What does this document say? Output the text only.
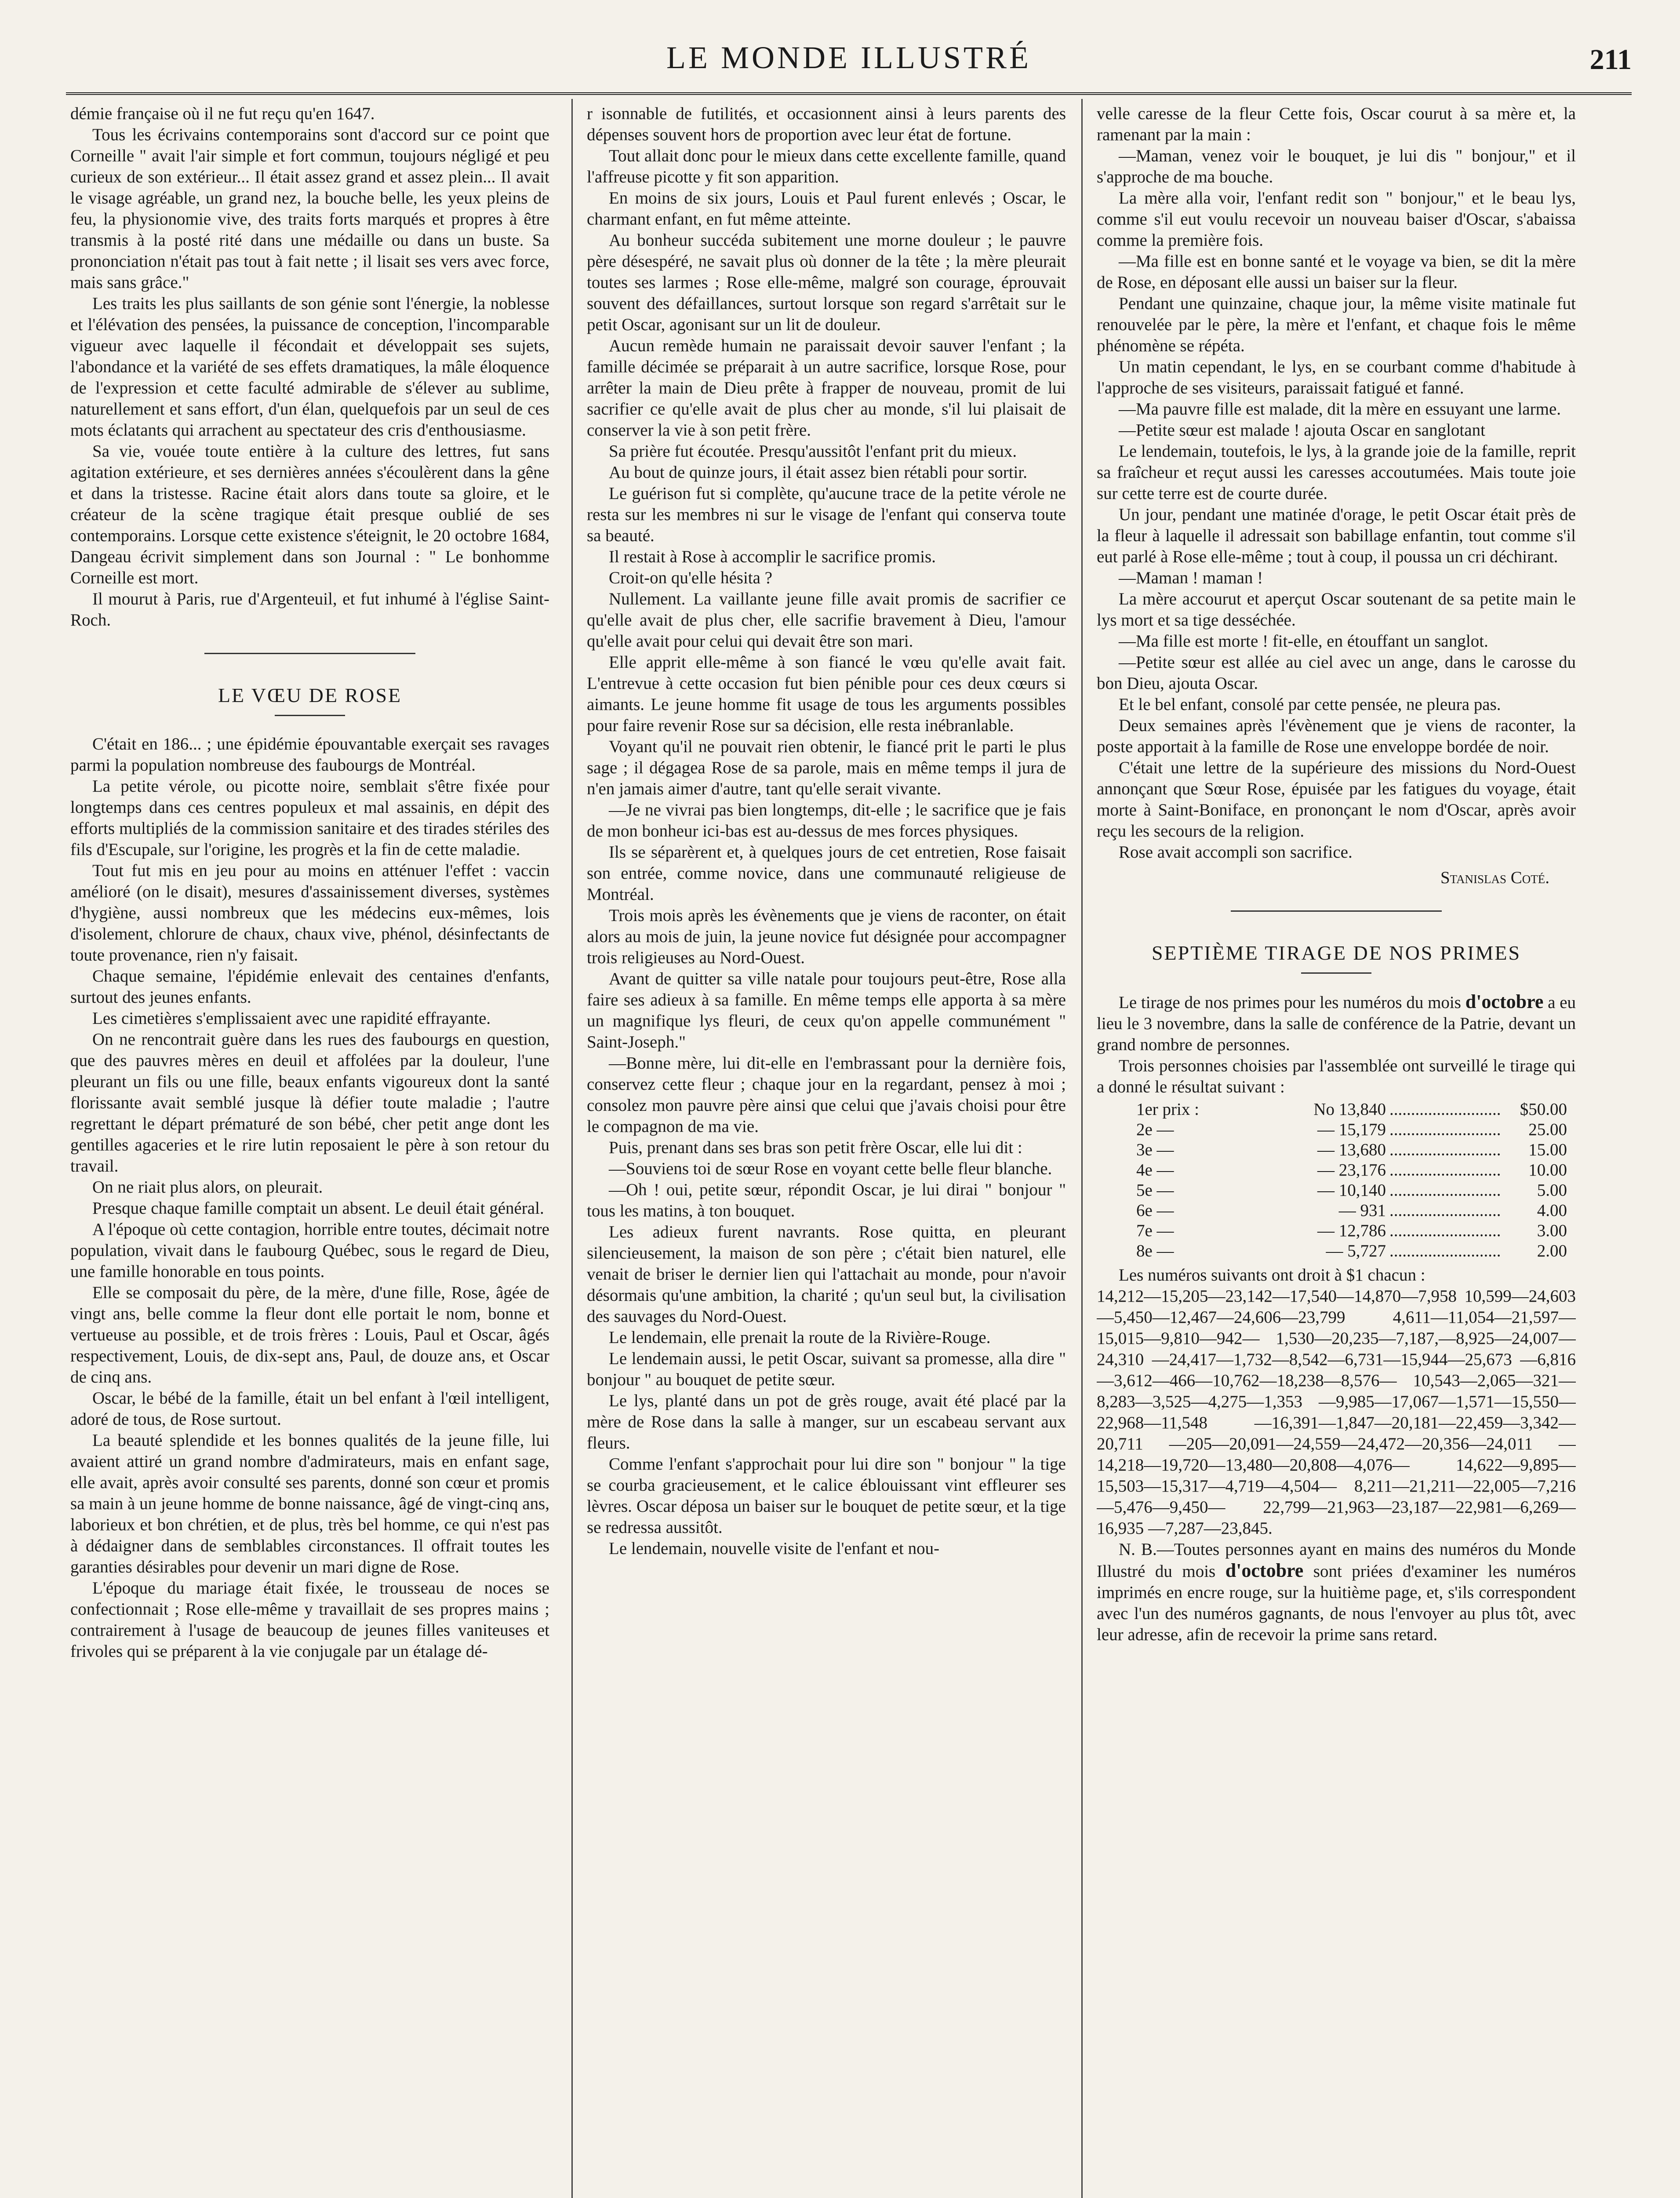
LE MONDE ILLUSTRÉ	211

démie française où il ne fut reçu qu'en 1647.

Tous les écrivains contemporains sont d'accord sur ce point que Corneille " avait l'air simple et fort commun, toujours négligé et peu curieux de son extérieur... Il était assez grand et assez plein... Il avait le visage agréable, un grand nez, la bouche belle, les yeux pleins de feu, la physionomie vive, des traits forts marqués et propres à être transmis à la posté rité dans une médaille ou dans un buste. Sa prononciation n'était pas tout à fait nette ; il lisait ses vers avec force, mais sans grâce."

Les traits les plus saillants de son génie sont l'énergie, la noblesse et l'élévation des pensées, la puissance de conception, l'incomparable vigueur avec laquelle il fécondait et développait ses sujets, l'abondance et la variété de ses effets dramatiques, la mâle éloquence de l'expression et cette faculté admirable de s'élever au sublime, naturellement et sans effort, d'un élan, quelquefois par un seul de ces mots éclatants qui arrachent au spectateur des cris d'enthousiasme.

Sa vie, vouée toute entière à la culture des lettres, fut sans agitation extérieure, et ses dernières années s'écoulèrent dans la gêne et dans la tristesse. Racine était alors dans toute sa gloire, et le créateur de la scène tragique était presque oublié de ses contemporains. Lorsque cette existence s'éteignit, le 20 octobre 1684, Dangeau écrivit simplement dans son Journal : " Le bonhomme Corneille est mort.

Il mourut à Paris, rue d'Argenteuil, et fut inhumé à l'église Saint-Roch.

LE VŒU DE ROSE

C'était en 186... ; une épidémie épouvantable exerçait ses ravages parmi la population nombreuse des faubourgs de Montréal.

La petite vérole, ou picotte noire, semblait s'être fixée pour longtemps dans ces centres populeux et mal assainis, en dépit des efforts multipliés de la commission sanitaire et des tirades stériles des fils d'Escupale, sur l'origine, les progrès et la fin de cette maladie.

Tout fut mis en jeu pour au moins en atténuer l'effet : vaccin amélioré (on le disait), mesures d'assainissement diverses, systèmes d'hygiène, aussi nombreux que les médecins eux-mêmes, lois d'isolement, chlorure de chaux, chaux vive, phénol, désinfectants de toute provenance, rien n'y faisait.

Chaque semaine, l'épidémie enlevait des centaines d'enfants, surtout des jeunes enfants.

Les cimetières s'emplissaient avec une rapidité effrayante.

On ne rencontrait guère dans les rues des faubourgs en question, que des pauvres mères en deuil et affolées par la douleur, l'une pleurant un fils ou une fille, beaux enfants vigoureux dont la santé florissante avait semblé jusque là défier toute maladie ; l'autre regrettant le départ prématuré de son bébé, cher petit ange dont les gentilles agaceries et le rire lutin reposaient le père à son retour du travail.

On ne riait plus alors, on pleurait.

Presque chaque famille comptait un absent. Le deuil était général.

A l'époque où cette contagion, horrible entre toutes, décimait notre population, vivait dans le faubourg Québec, sous le regard de Dieu, une famille honorable en tous points.

Elle se composait du père, de la mère, d'une fille, Rose, âgée de vingt ans, belle comme la fleur dont elle portait le nom, bonne et vertueuse au possible, et de trois frères : Louis, Paul et Oscar, âgés respectivement, Louis, de dix-sept ans, Paul, de douze ans, et Oscar de cinq ans.

Oscar, le bébé de la famille, était un bel enfant à l'œil intelligent, adoré de tous, de Rose surtout.

La beauté splendide et les bonnes qualités de la jeune fille, lui avaient attiré un grand nombre d'admirateurs, mais en enfant sage, elle avait, après avoir consulté ses parents, donné son cœur et promis sa main à un jeune homme de bonne naissance, âgé de vingt-cinq ans, laborieux et bon chrétien, et de plus, très bel homme, ce qui n'est pas à dédaigner dans de semblables circonstances. Il offrait toutes les garanties désirables pour devenir un mari digne de Rose.

L'époque du mariage était fixée, le trousseau de noces se confectionnait ; Rose elle-même y travaillait de ses propres mains ; contrairement à l'usage de beaucoup de jeunes filles vaniteuses et frivoles qui se préparent à la vie conjugale par un étalage dé-

r isonnable de futilités, et occasionnent ainsi à leurs parents des dépenses souvent hors de proportion avec leur état de fortune.

Tout allait donc pour le mieux dans cette excellente famille, quand l'affreuse picotte y fit son apparition.

En moins de six jours, Louis et Paul furent enlevés ; Oscar, le charmant enfant, en fut même atteinte.

Au bonheur succéda subitement une morne douleur ; le pauvre père désespéré, ne savait plus où donner de la tête ; la mère pleurait toutes ses larmes ; Rose elle-même, malgré son courage, éprouvait souvent des défaillances, surtout lorsque son regard s'arrêtait sur le petit Oscar, agonisant sur un lit de douleur.

Aucun remède humain ne paraissait devoir sauver l'enfant ; la famille décimée se préparait à un autre sacrifice, lorsque Rose, pour arrêter la main de Dieu prête à frapper de nouveau, promit de lui sacrifier ce qu'elle avait de plus cher au monde, s'il lui plaisait de conserver la vie à son petit frère.

Sa prière fut écoutée. Presqu'aussitôt l'enfant prit du mieux.

Au bout de quinze jours, il était assez bien rétabli pour sortir.

Le guérison fut si complète, qu'aucune trace de la petite vérole ne resta sur les membres ni sur le visage de l'enfant qui conserva toute sa beauté.

Il restait à Rose à accomplir le sacrifice promis.

Croit-on qu'elle hésita ?

Nullement. La vaillante jeune fille avait promis de sacrifier ce qu'elle avait de plus cher, elle sacrifie bravement à Dieu, l'amour qu'elle avait pour celui qui devait être son mari.

Elle apprit elle-même à son fiancé le vœu qu'elle avait fait. L'entrevue à cette occasion fut bien pénible pour ces deux cœurs si aimants. Le jeune homme fit usage de tous les arguments possibles pour faire revenir Rose sur sa décision, elle resta inébranlable.

Voyant qu'il ne pouvait rien obtenir, le fiancé prit le parti le plus sage ; il dégagea Rose de sa parole, mais en même temps il jura de n'en jamais aimer d'autre, tant qu'elle serait vivante.

—Je ne vivrai pas bien longtemps, dit-elle ; le sacrifice que je fais de mon bonheur ici-bas est au-dessus de mes forces physiques.

Ils se séparèrent et, à quelques jours de cet entretien, Rose faisait son entrée, comme novice, dans une communauté religieuse de Montréal.

Trois mois après les évènements que je viens de raconter, on était alors au mois de juin, la jeune novice fut désignée pour accompagner trois religieuses au Nord-Ouest.

Avant de quitter sa ville natale pour toujours peut-être, Rose alla faire ses adieux à sa famille. En même temps elle apporta à sa mère un magnifique lys fleuri, de ceux qu'on appelle communément " Saint-Joseph."

—Bonne mère, lui dit-elle en l'embrassant pour la dernière fois, conservez cette fleur ; chaque jour en la regardant, pensez à moi ; consolez mon pauvre père ainsi que celui que j'avais choisi pour être le compagnon de ma vie.

Puis, prenant dans ses bras son petit frère Oscar, elle lui dit :

—Souviens toi de sœur Rose en voyant cette belle fleur blanche.

—Oh ! oui, petite sœur, répondit Oscar, je lui dirai " bonjour " tous les matins, à ton bouquet.

Les adieux furent navrants. Rose quitta, en pleurant silencieusement, la maison de son père ; c'était bien naturel, elle venait de briser le dernier lien qui l'attachait au monde, pour n'avoir désormais qu'une ambition, la charité ; qu'un seul but, la civilisation des sauvages du Nord-Ouest.

Le lendemain, elle prenait la route de la Rivière-Rouge.

Le lendemain aussi, le petit Oscar, suivant sa promesse, alla dire " bonjour " au bouquet de petite sœur.

Le lys, planté dans un pot de grès rouge, avait été placé par la mère de Rose dans la salle à manger, sur un escabeau servant aux fleurs.

Comme l'enfant s'approchait pour lui dire son " bonjour " la tige se courba gracieusement, et le calice éblouissant vint effleurer ses lèvres. Oscar déposa un baiser sur le bouquet de petite sœur, et la tige se redressa aussitôt.

Le lendemain, nouvelle visite de l'enfant et nou-

velle caresse de la fleur Cette fois, Oscar courut à sa mère et, la ramenant par la main :

—Maman, venez voir le bouquet, je lui dis " bonjour," et il s'approche de ma bouche.

La mère alla voir, l'enfant redit son " bonjour," et le beau lys, comme s'il eut voulu recevoir un nouveau baiser d'Oscar, s'abaissa comme la première fois.

—Ma fille est en bonne santé et le voyage va bien, se dit la mère de Rose, en déposant elle aussi un baiser sur la fleur.

Pendant une quinzaine, chaque jour, la même visite matinale fut renouvelée par le père, la mère et l'enfant, et chaque fois le même phénomène se répéta.

Un matin cependant, le lys, en se courbant comme d'habitude à l'approche de ses visiteurs, paraissait fatigué et fanné.

—Ma pauvre fille est malade, dit la mère en essuyant une larme.

—Petite sœur est malade ! ajouta Oscar en sanglotant

Le lendemain, toutefois, le lys, à la grande joie de la famille, reprit sa fraîcheur et reçut aussi les caresses accoutumées. Mais toute joie sur cette terre est de courte durée.

Un jour, pendant une matinée d'orage, le petit Oscar était près de la fleur à laquelle il adressait son babillage enfantin, tout comme s'il eut parlé à Rose elle-même ; tout à coup, il poussa un cri déchirant.

—Maman ! maman !

La mère accourut et aperçut Oscar soutenant de sa petite main le lys mort et sa tige desséchée.

—Ma fille est morte ! fit-elle, en étouffant un sanglot.

—Petite sœur est allée au ciel avec un ange, dans le carosse du bon Dieu, ajouta Oscar.

Et le bel enfant, consolé par cette pensée, ne pleura pas.

Deux semaines après l'évènement que je viens de raconter, la poste apportait à la famille de Rose une enveloppe bordée de noir.

C'était une lettre de la supérieure des missions du Nord-Ouest annonçant que Sœur Rose, épuisée par les fatigues du voyage, était morte à Saint-Boniface, en prononçant le nom d'Oscar, après avoir reçu les secours de la religion.

Rose avait accompli son sacrifice.

Stanislas Coté.
SEPTIÈME TIRAGE DE NOS PRIMES

Le tirage de nos primes pour les numéros du mois d'octobre a eu lieu le 3 novembre, dans la salle de conférence de la Patrie, devant un grand nombre de personnes.

Trois personnes choisies par l'assemblée ont surveillé le tirage qui a donné le résultat suivant :

1er prix :	No 13,840	..........................	$50.00
2e —	— 15,179	..........................	25.00
3e —	— 13,680	..........................	15.00
4e —	— 23,176	..........................	10.00
5e —	— 10,140	..........................	5.00
6e —	— 931	..........................	4.00
7e —	— 12,786	..........................	3.00
8e —	— 5,727	..........................	2.00

Les numéros suivants ont droit à $1 chacun :

14,212—15,205—23,142—17,540—14,870—7,958 10,599—24,603—5,450—12,467—24,606—23,799 4,611—11,054—21,597—15,015—9,810—942— 1,530—20,235—7,187,—8,925—24,007—24,310 —24,417—1,732—8,542—6,731—15,944—25,673 —6,816—3,612—466—10,762—18,238—8,576— 10,543—2,065—321—8,283—3,525—4,275—1,353 —9,985—17,067—1,571—15,550—22,968—11,548 —16,391—1,847—20,181—22,459—3,342—20,711 —205—20,091—24,559—24,472—20,356—24,011 —14,218—19,720—13,480—20,808—4,076— 14,622—9,895—15,503—15,317—4,719—4,504— 8,211—21,211—22,005—7,216—5,476—9,450— 22,799—21,963—23,187—22,981—6,269—16,935 —7,287—23,845.

N. B.—Toutes personnes ayant en mains des numéros du Monde Illustré du mois d'octobre sont priées d'examiner les numéros imprimés en encre rouge, sur la huitième page, et, s'ils correspondent avec l'un des numéros gagnants, de nous l'envoyer au plus tôt, avec leur adresse, afin de recevoir la prime sans retard.
